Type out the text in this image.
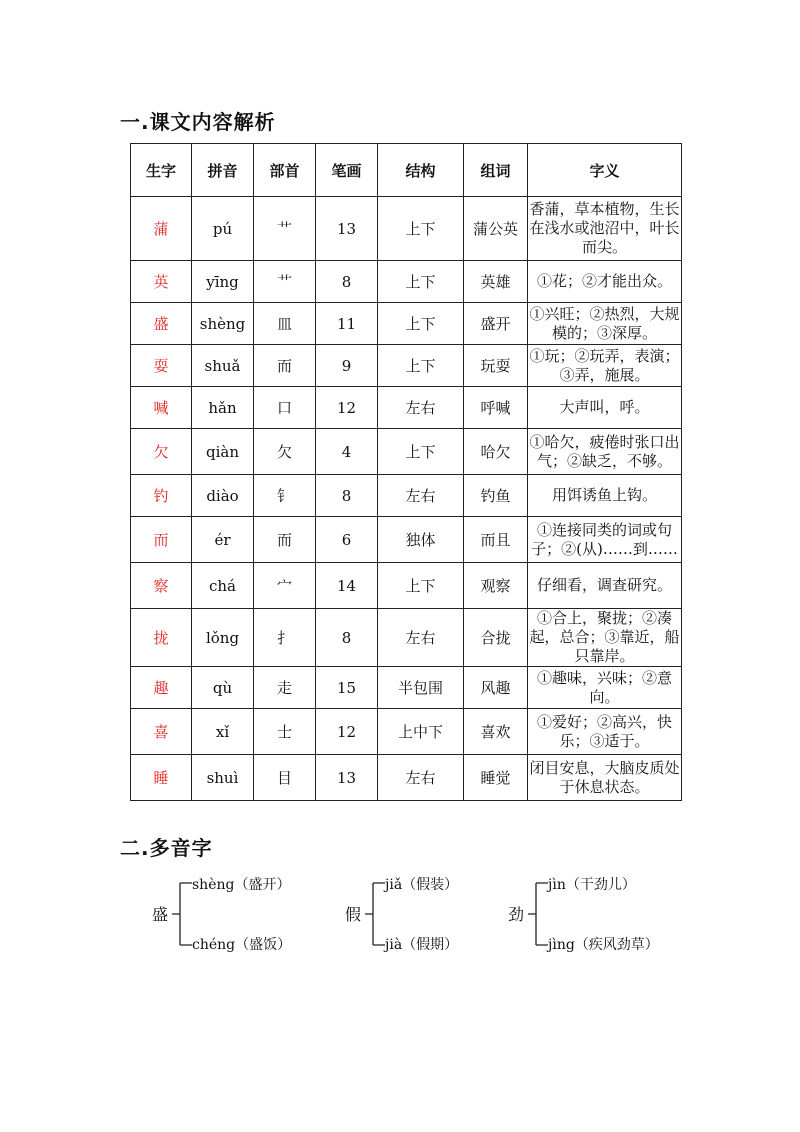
一.课文内容解析
生字	拼音	部首	笔画	结构	组词	字义
蒲	pú	艹	13	上下	蒲公英	香蒲，草本植物，生长在浅水或池沼中，叶长而尖。
英	yīng	艹	8	上下	英雄	①花；②才能出众。
盛	shèng	皿	11	上下	盛开	①兴旺；②热烈，大规模的；③深厚。
耍	shuǎ	而	9	上下	玩耍	①玩；②玩弄，表演；③弄，施展。
喊	hǎn	口	12	左右	呼喊	大声叫，呼。
欠	qiàn	欠	4	上下	哈欠	①哈欠，疲倦时张口出气；②缺乏，不够。
钓	diào	钅	8	左右	钓鱼	用饵诱鱼上钩。
而	ér	而	6	独体	而且	①连接同类的词或句子；②(从)……到……
察	chá	宀	14	上下	观察	仔细看，调查研究。
拢	lǒng	扌	8	左右	合拢	①合上，聚拢；②凑起，总合；③靠近，船只靠岸。
趣	qù	走	15	半包围	风趣	①趣味，兴味；②意向。
喜	xǐ	士	12	上中下	喜欢	①爱好；②高兴，快乐；③适于。
睡	shuì	目	13	左右	睡觉	闭目安息，大脑皮质处于休息状态。
二.多音字
盛
shèng（盛开）
chéng（盛饭）
假
jiǎ（假装）
jià（假期）
劲
jìn（干劲儿）
jìng（疾风劲草）
